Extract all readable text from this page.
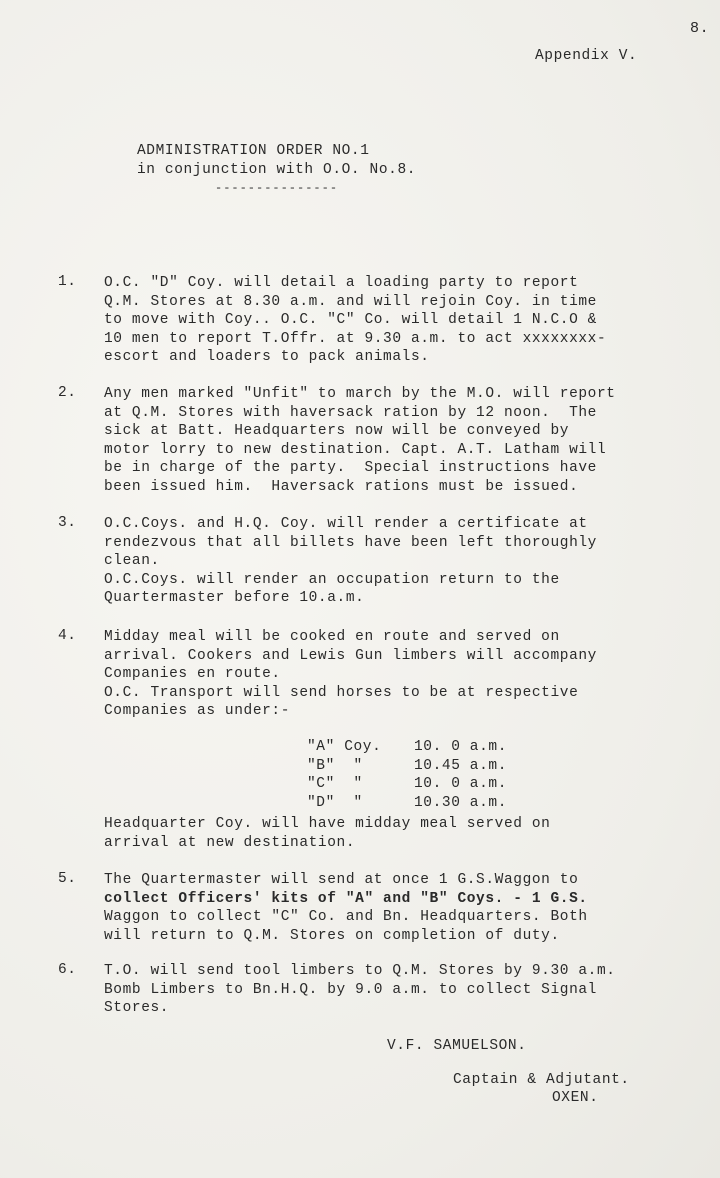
8.
Appendix V.
ADMINISTRATION ORDER NO.1
in conjunction with O.O. No.8.
---------------
1. O.C. "D" Coy. will detail a loading party to report
Q.M. Stores at 8.30 a.m. and will rejoin Coy. in time
to move with Coy.. O.C. "C" Co. will detail 1 N.C.O &
10 men to report T.Offr. at 9.30 a.m. to act xxxxxxxx-
escort and loaders to pack animals.
2. Any men marked "Unfit" to march by the M.O. will report
at Q.M. Stores with haversack ration by 12 noon.  The
sick at Batt. Headquarters now will be conveyed by
motor lorry to new destination. Capt. A.T. Latham will
be in charge of the party.  Special instructions have
been issued him.  Haversack rations must be issued.
3. O.C.Coys. and H.Q. Coy. will render a certificate at
rendezvous that all billets have been left thoroughly
clean.
O.C.Coys. will render an occupation return to the
Quartermaster before 10.a.m.
4. Midday meal will be cooked en route and served on
arrival. Cookers and Lewis Gun limbers will accompany
Companies en route.
O.C. Transport will send horses to be at respective
Companies as under:-
"A" Coy.	10. 0 a.m.
"B"  "	10.45 a.m.
"C"  "	10. 0 a.m.
"D"  "	10.30 a.m.
Headquarter Coy. will have midday meal served on
arrival at new destination.
5. The Quartermaster will send at once 1 G.S.Waggon to
collect Officers' kits of "A" and "B" Coys. - 1 G.S.
Waggon to collect "C" Co. and Bn. Headquarters. Both
will return to Q.M. Stores on completion of duty.
6. T.O. will send tool limbers to Q.M. Stores by 9.30 a.m.
Bomb Limbers to Bn.H.Q. by 9.0 a.m. to collect Signal
Stores.
V.F. SAMUELSON.
Captain & Adjutant.
OXEN.
